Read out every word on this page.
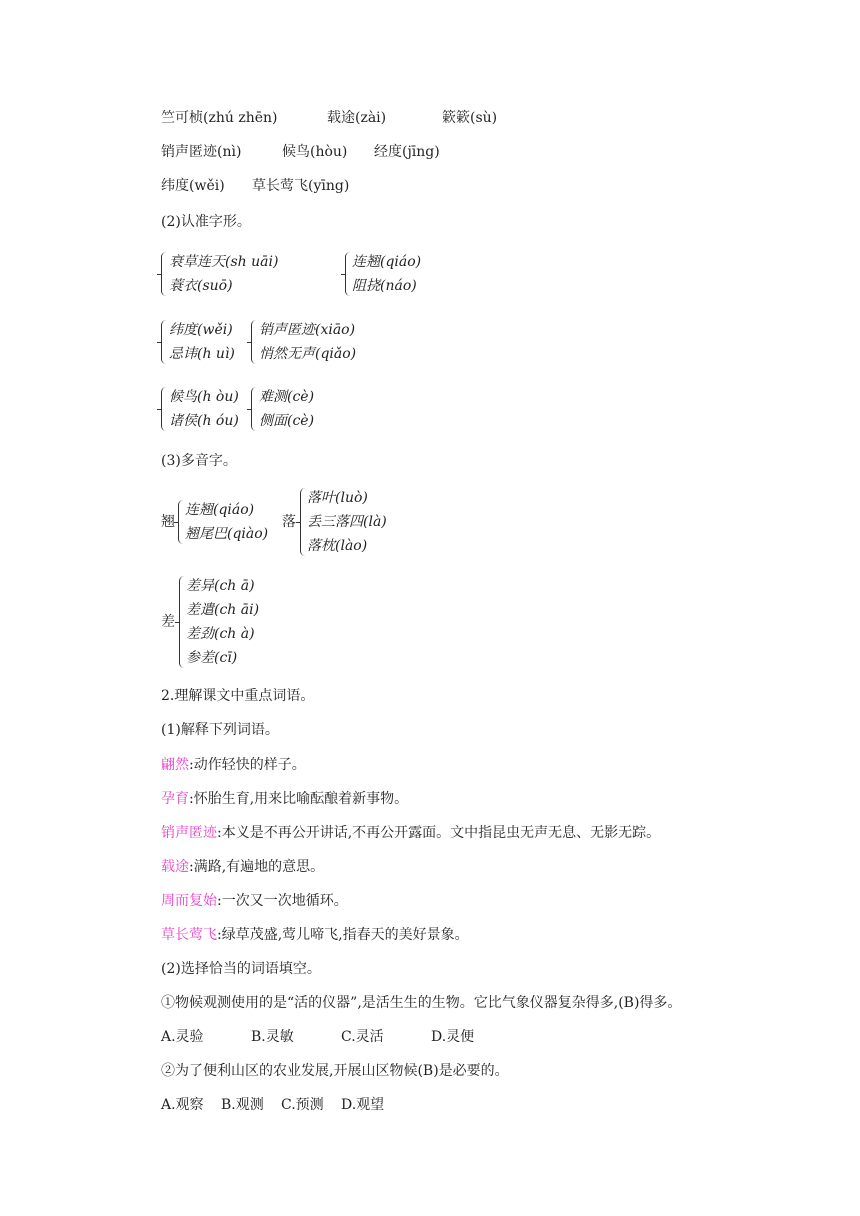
竺可桢(zhú zhēn)	载途(zài)	簌簌(sù)
销声匿迹(nì)	候鸟(hòu) 经度(jīng)
纬度(wěi) 草长莺飞(yīng)
(2)认准字形。
衰草连天(sh uāi)
蓑衣(suō)
连翘(qiáo)
阻挠(náo)
纬度(wěi)
忌讳(h uì)
销声匿迹(xiāo)
悄然无声(qiǎo)
候鸟(h òu)
诸侯(h óu)
难测(cè)
侧面(cè)
(3)多音字。
翘
连翘(qiáo)
翘尾巴(qiào)
落
落叶(luò)
丢三落四(là)
落枕(lào)
差
差异(ch ā)
差遣(ch āi)
差劲(ch à)
参差(cī)
2.理解课文中重点词语。
(1)解释下列词语。
翩然:动作轻快的样子。
孕育:怀胎生育,用来比喻酝酿着新事物。
销声匿迹:本义是不再公开讲话,不再公开露面。文中指昆虫无声无息、无影无踪。
载途:满路,有遍地的意思。
周而复始:一次又一次地循环。
草长莺飞:绿草茂盛,莺儿啼飞,指春天的美好景象。
(2)选择恰当的词语填空。
①物候观测使用的是“活的仪器”,是活生生的生物。它比气象仪器复杂得多,(B)得多。
A.灵验	B.灵敏	C.灵活	D.灵便
②为了便利山区的农业发展,开展山区物候(B)是必要的。
A.观察 B.观测 C.预测 D.观望
